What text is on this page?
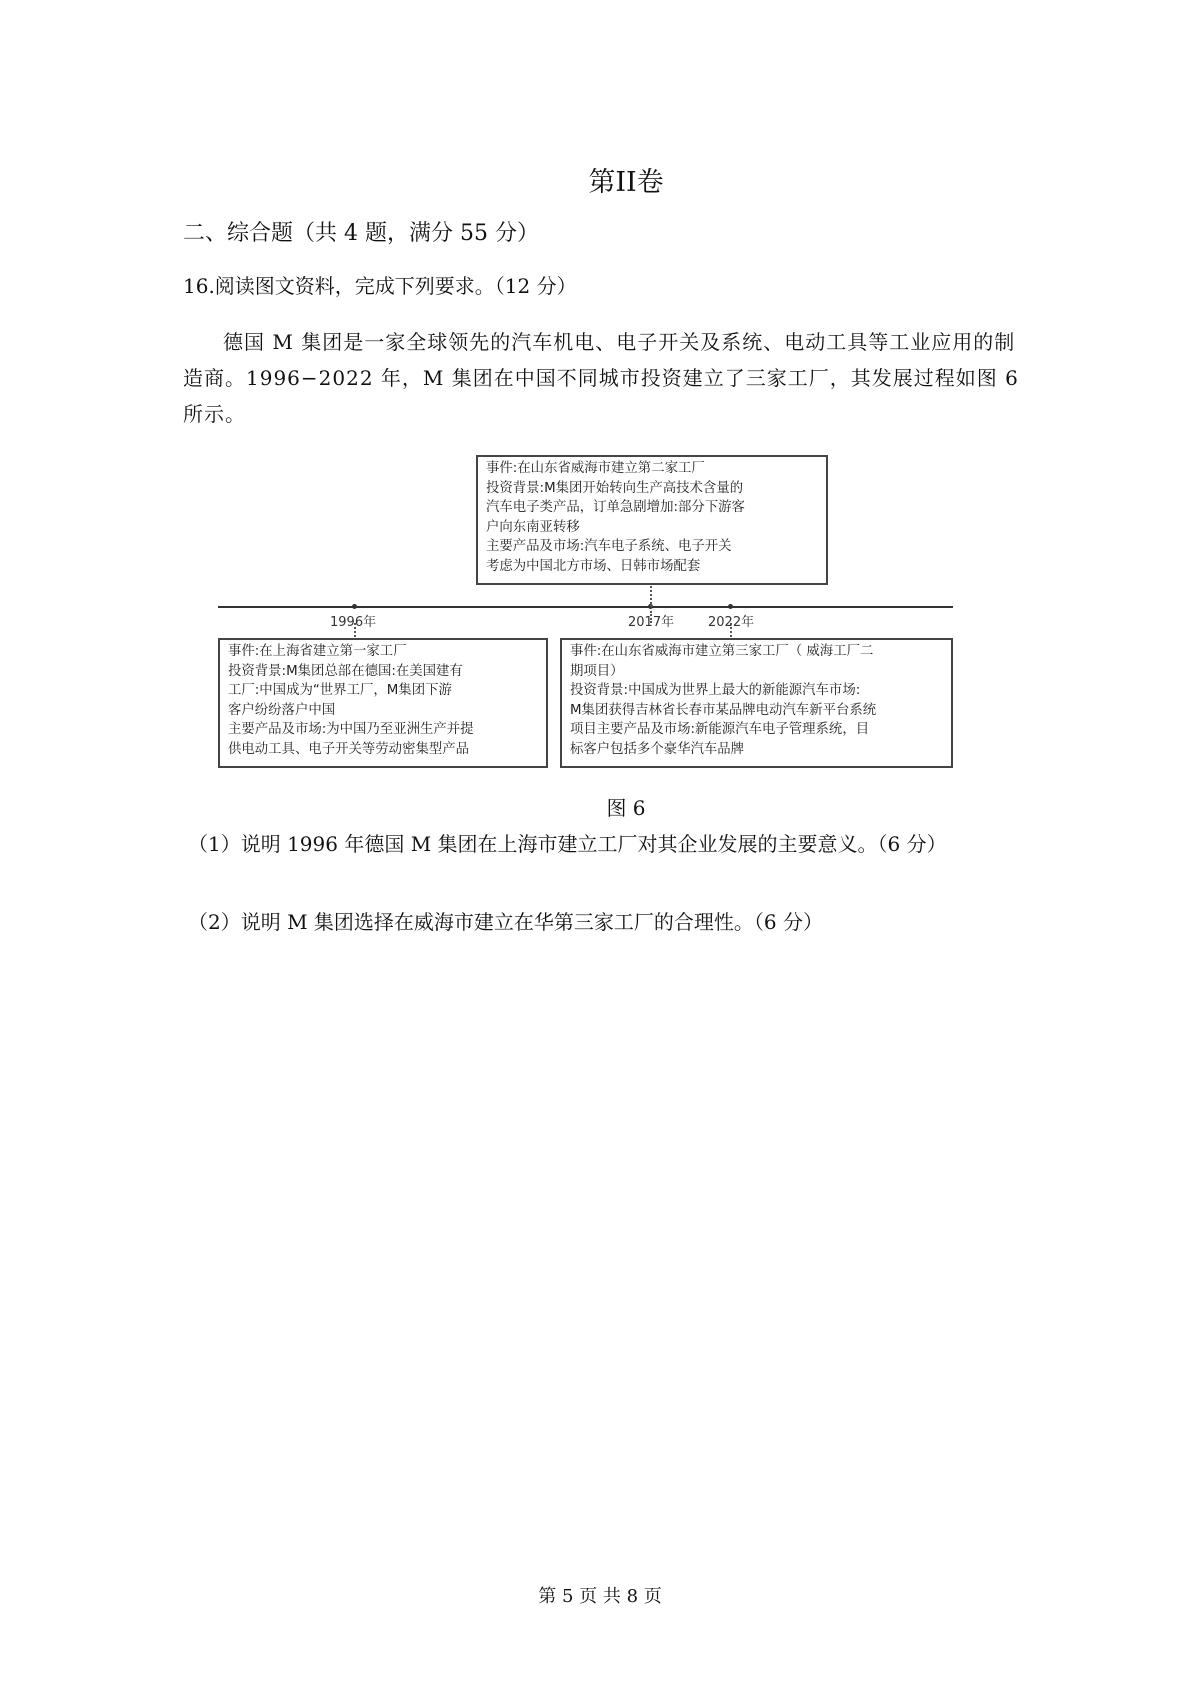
第II卷
二、综合题（共 4 题，满分 55 分）
16.阅读图文资料，完成下列要求。（12 分）
德国 M 集团是一家全球领先的汽车机电、电子开关及系统、电动工具等工业应用的制造商。1996−2022 年，M 集团在中国不同城市投资建立了三家工厂，其发展过程如图 6 所示。
1996年	2017年	2022年
事件:在山东省威海市建立第二家工厂
投资背景:M集团开始转向生产高技术含量的
汽车电子类产品，订单急剧增加:部分下游客
户向东南亚转移
主要产品及市场:汽车电子系统、电子开关
考虑为中国北方市场、日韩市场配套
事件:在上海省建立第一家工厂
投资背景:M集团总部在德国:在美国建有
工厂:中国成为“世界工厂，M集团下游
客户纷纷落户中国
主要产品及市场:为中国乃至亚洲生产并提
供电动工具、电子开关等劳动密集型产品
事件:在山东省威海市建立第三家工厂（ 威海工厂二
期项目）
投资背景:中国成为世界上最大的新能源汽车市场:
M集团获得吉林省长春市某品牌电动汽车新平台系统
项目主要产品及市场:新能源汽车电子管理系统，目
标客户包括多个豪华汽车品牌
图 6
（1）说明 1996 年德国 M 集团在上海市建立工厂对其企业发展的主要意义。（6 分）
（2）说明 M 集团选择在威海市建立在华第三家工厂的合理性。（6 分）
第 5 页 共 8 页
